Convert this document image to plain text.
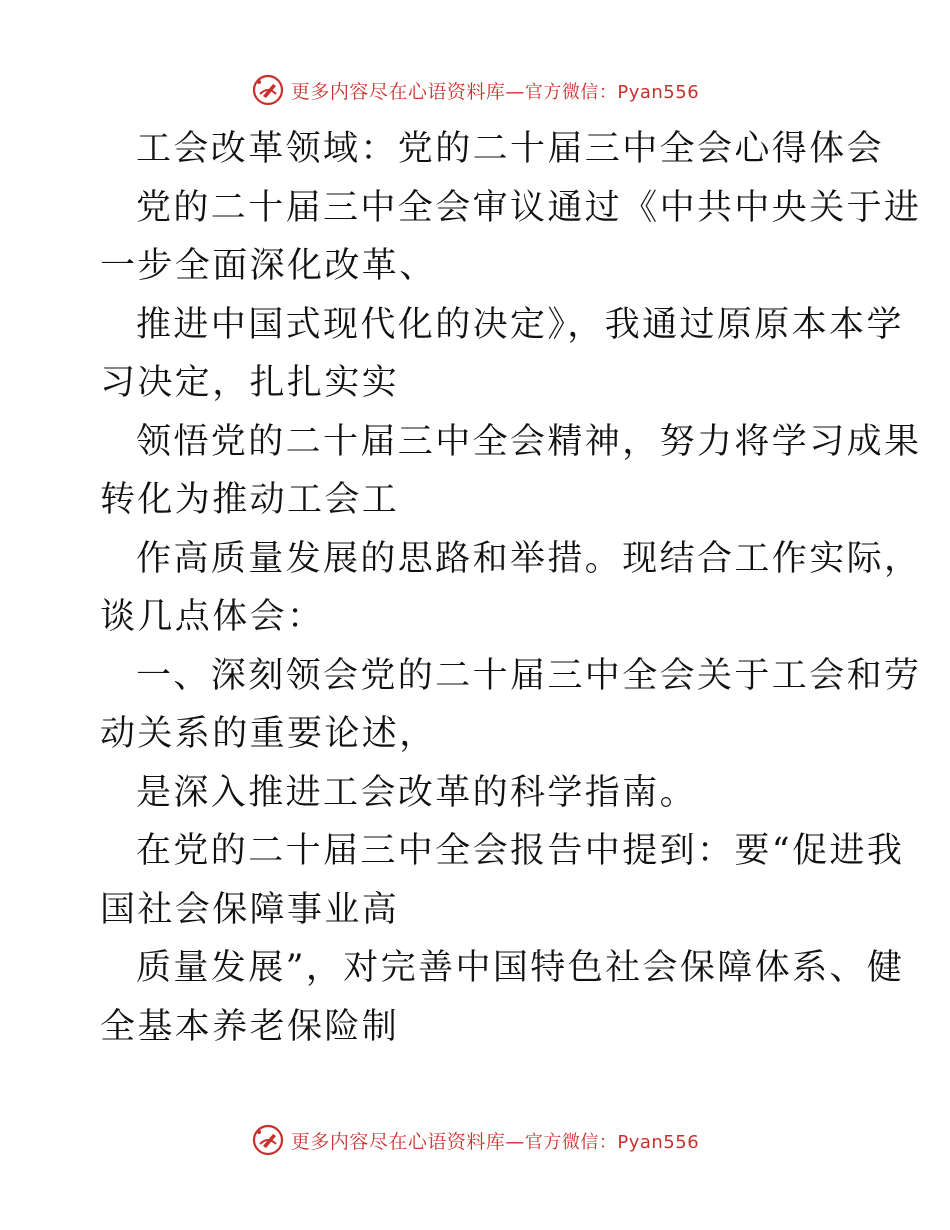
更多内容尽在心语资料库—官方微信：Pyan556
工会改革领域：党的二十届三中全会心得体会
党的二十届三中全会审议通过《中共中央关于进
一步全面深化改革、
推进中国式现代化的决定》，我通过原原本本学
习决定，扎扎实实
领悟党的二十届三中全会精神，努力将学习成果
转化为推动工会工
作高质量发展的思路和举措。现结合工作实际，
谈几点体会：
一、深刻领会党的二十届三中全会关于工会和劳
动关系的重要论述，
是深入推进工会改革的科学指南。
在党的二十届三中全会报告中提到：要“促进我
国社会保障事业高
质量发展”，对完善中国特色社会保障体系、健
全基本养老保险制
更多内容尽在心语资料库—官方微信：Pyan556
